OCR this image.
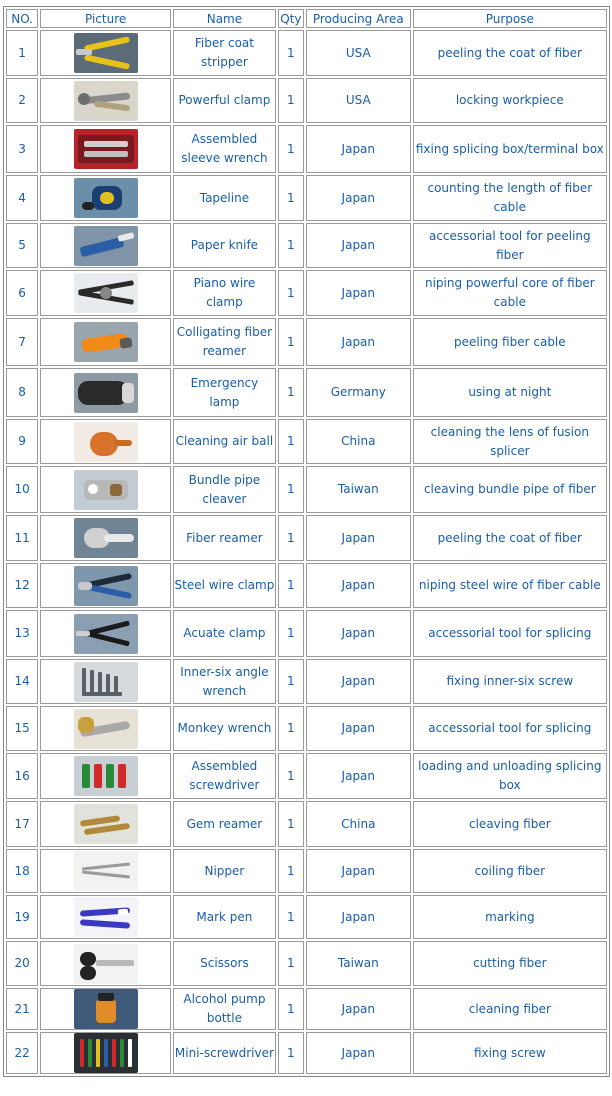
NO.	Picture	Name	Qty	Producing Area	Purpose
1		Fiber coat stripper	1	USA	peeling the coat of fiber
2		Powerful clamp	1	USA	locking workpiece
3		Assembled sleeve wrench	1	Japan	fixing splicing box/terminal box
4		Tapeline	1	Japan	counting the length of fiber cable
5		Paper knife	1	Japan	accessorial tool for peeling fiber
6		Piano wire clamp	1	Japan	niping powerful core of fiber cable
7		Colligating fiber reamer	1	Japan	peeling fiber cable
8		Emergency lamp	1	Germany	using at night
9		Cleaning air ball	1	China	cleaning the lens of fusion splicer
10		Bundle pipe cleaver	1	Taiwan	cleaving bundle pipe of fiber
11		Fiber reamer	1	Japan	peeling the coat of fiber
12		Steel wire clamp	1	Japan	niping steel wire of fiber cable
13		Acuate clamp	1	Japan	accessorial tool for splicing
14		Inner-six angle wrench	1	Japan	fixing inner-six screw
15		Monkey wrench	1	Japan	accessorial tool for splicing
16		Assembled screwdriver	1	Japan	loading and unloading splicing box
17		Gem reamer	1	China	cleaving fiber
18		Nipper	1	Japan	coiling fiber
19		Mark pen	1	Japan	marking
20		Scissors	1	Taiwan	cutting fiber
21		Alcohol pump bottle	1	Japan	cleaning fiber
22		Mini-screwdriver	1	Japan	fixing screw
